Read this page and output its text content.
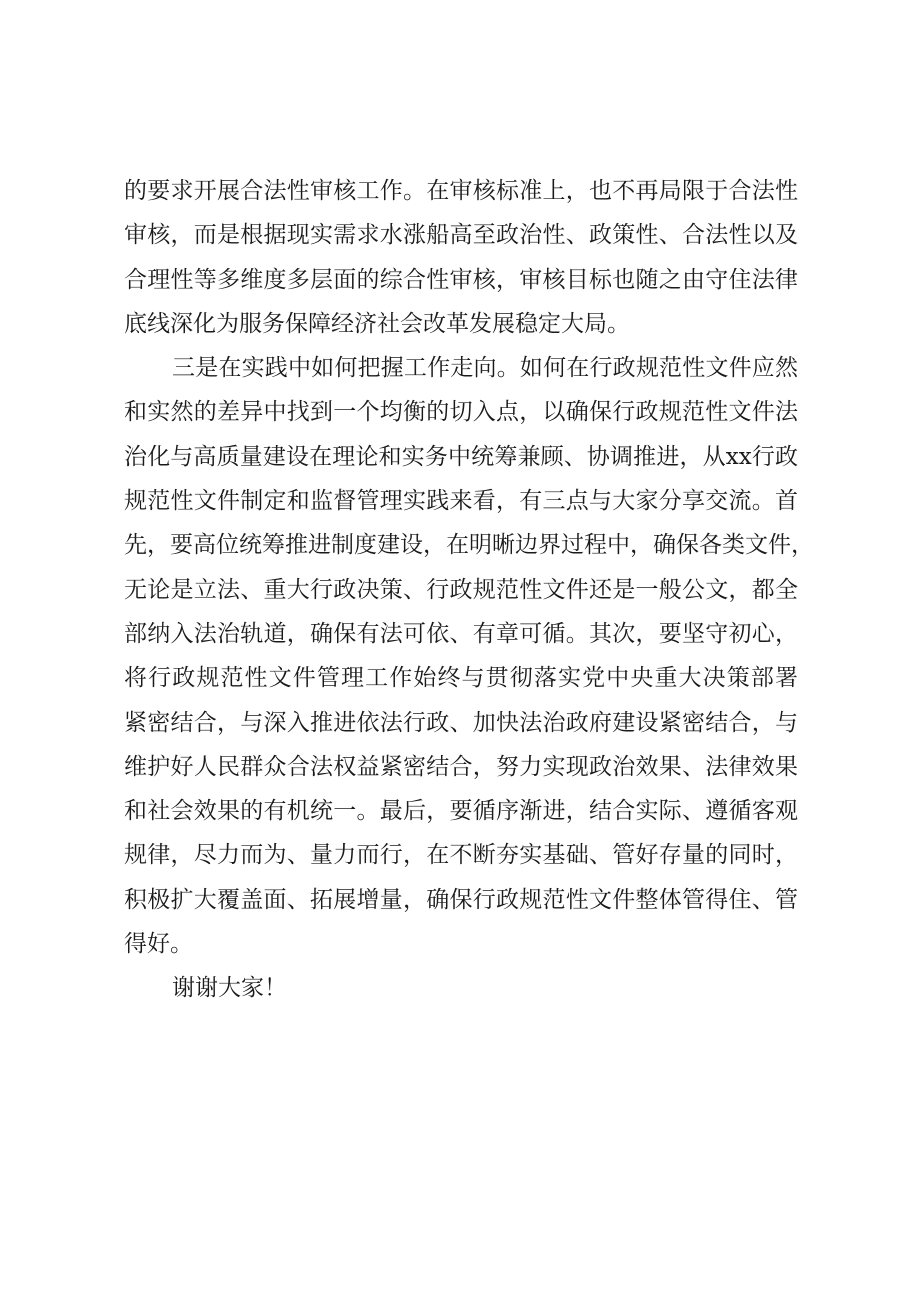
的要求开展合法性审核工作。在审核标准上，也不再局限于合法性
审核，而是根据现实需求水涨船高至政治性、政策性、合法性以及
合理性等多维度多层面的综合性审核，审核目标也随之由守住法律
底线深化为服务保障经济社会改革发展稳定大局。
三是在实践中如何把握工作走向。如何在行政规范性文件应然
和实然的差异中找到一个均衡的切入点，以确保行政规范性文件法
治化与高质量建设在理论和实务中统筹兼顾、协调推进，从xx行政
规范性文件制定和监督管理实践来看，有三点与大家分享交流。首
先，要高位统筹推进制度建设，在明晰边界过程中，确保各类文件，
无论是立法、重大行政决策、行政规范性文件还是一般公文，都全
部纳入法治轨道，确保有法可依、有章可循。其次，要坚守初心，
将行政规范性文件管理工作始终与贯彻落实党中央重大决策部署
紧密结合，与深入推进依法行政、加快法治政府建设紧密结合，与
维护好人民群众合法权益紧密结合，努力实现政治效果、法律效果
和社会效果的有机统一。最后，要循序渐进，结合实际、遵循客观
规律，尽力而为、量力而行，在不断夯实基础、管好存量的同时，
积极扩大覆盖面、拓展增量，确保行政规范性文件整体管得住、管
得好。
谢谢大家！
